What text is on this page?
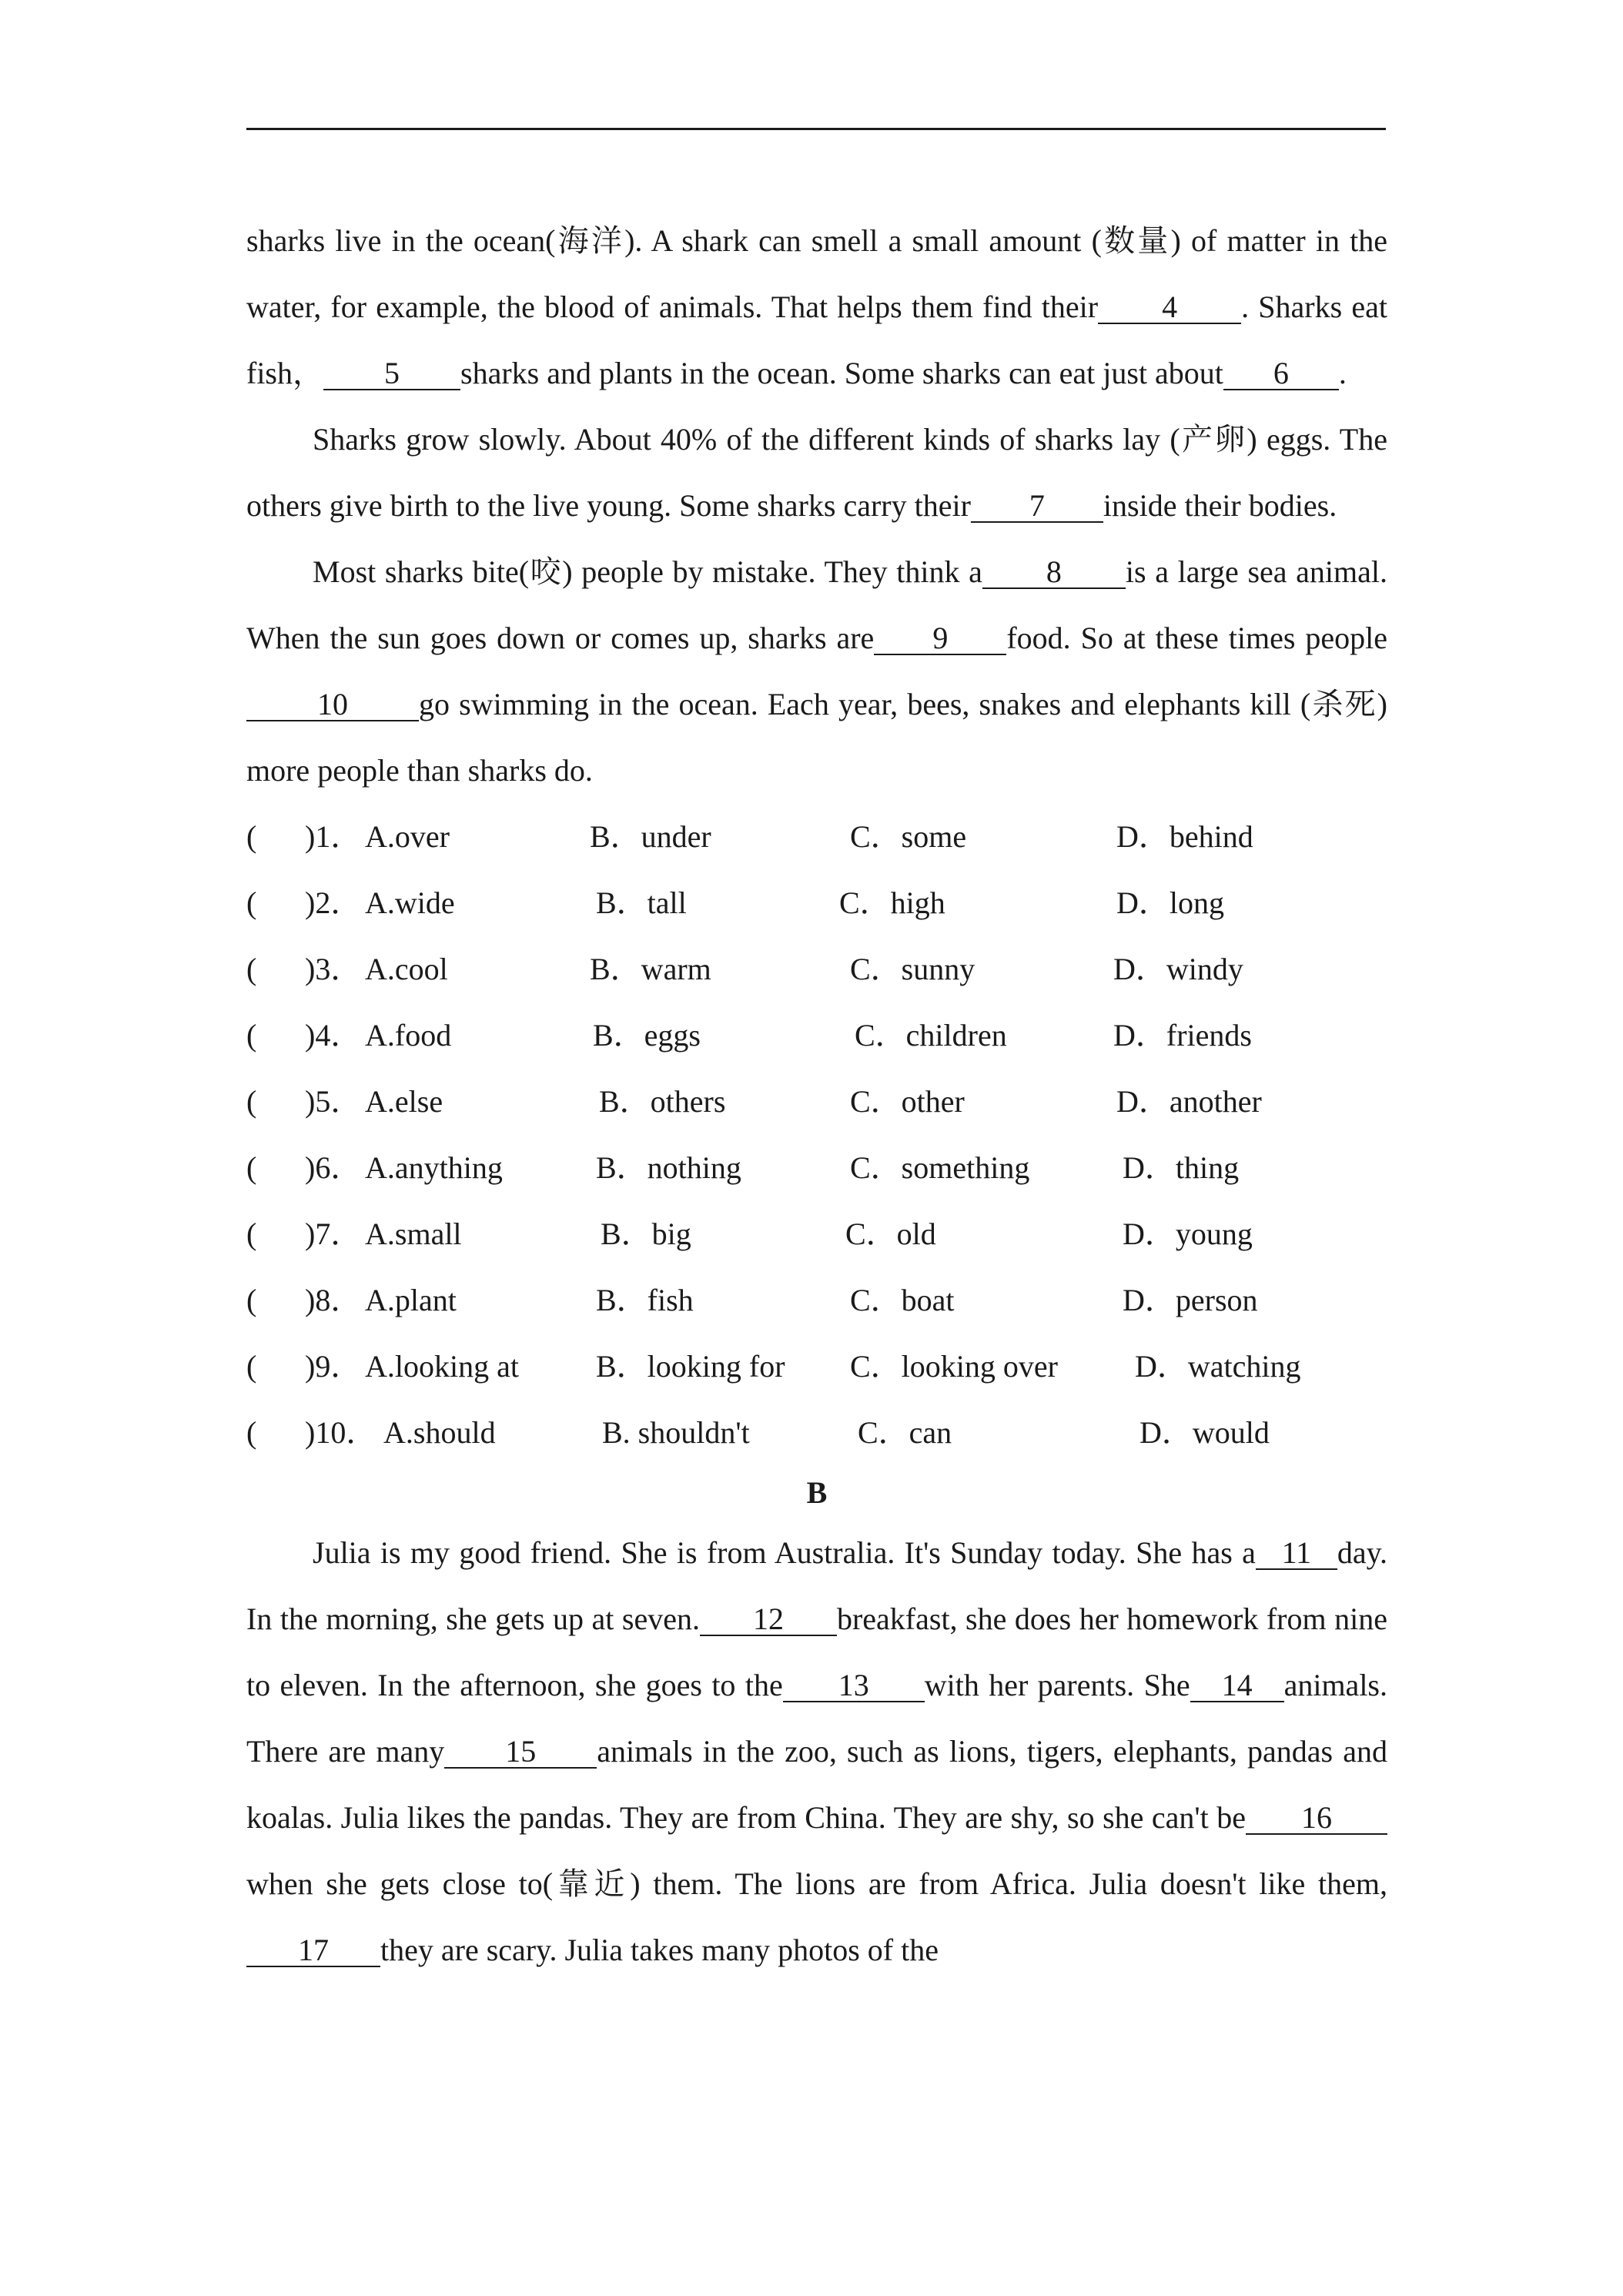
sharks live in the ocean(海洋). A shark can smell a small amount (数量) of matter in the water, for example, the blood of animals. That helps them find their 4 . Sharks eat fish， 5 sharks and plants in the ocean. Some sharks can eat just about 6 .

Sharks grow slowly. About 40% of the different kinds of sharks lay (产卵) eggs. The others give birth to the live young. Some sharks carry their 7 inside their bodies.

Most sharks bite(咬) people by mistake. They think a 8 is a large sea animal. When the sun goes down or comes up, sharks are 9 food. So at these times people10 go swimming in the ocean. Each year, bees, snakes and elephants kill (杀死) more people than sharks do.

( )1． A.over	B．under	C．some	D．behind
( )2． A.wide	B．tall	C．high	D．long
( )3． A.cool	B．warm	C．sunny	D．windy
( )4． A.food	B．eggs	C．children	D．friends
( )5． A.else	B．others	C．other	D．another
( )6． A.anything	B．nothing	C．something	D．thing
( )7． A.small	B．big	C．old	D．young
( )8． A.plant	B．fish	C．boat	D．person
( )9． A.looking at	B．looking for C．looking over	D．watching
( )10． A.should	B. shouldn't	C．can	D．would

B

Julia is my good friend. She is from Australia. It's Sunday today. She has a 11 day. In the morning, she gets up at seven. 12 breakfast, she does her homework from nine to eleven. In the afternoon, she goes to the 13 with her parents. She 14 animals. There are many 15 animals in the zoo, such as lions, tigers, elephants, pandas and koalas. Julia likes the pandas. They are from China. They are shy, so she can't be 16when she gets close to(靠近) them. The lions are from Africa. Julia doesn't like them,17 they are scary. Julia takes many photos of the
